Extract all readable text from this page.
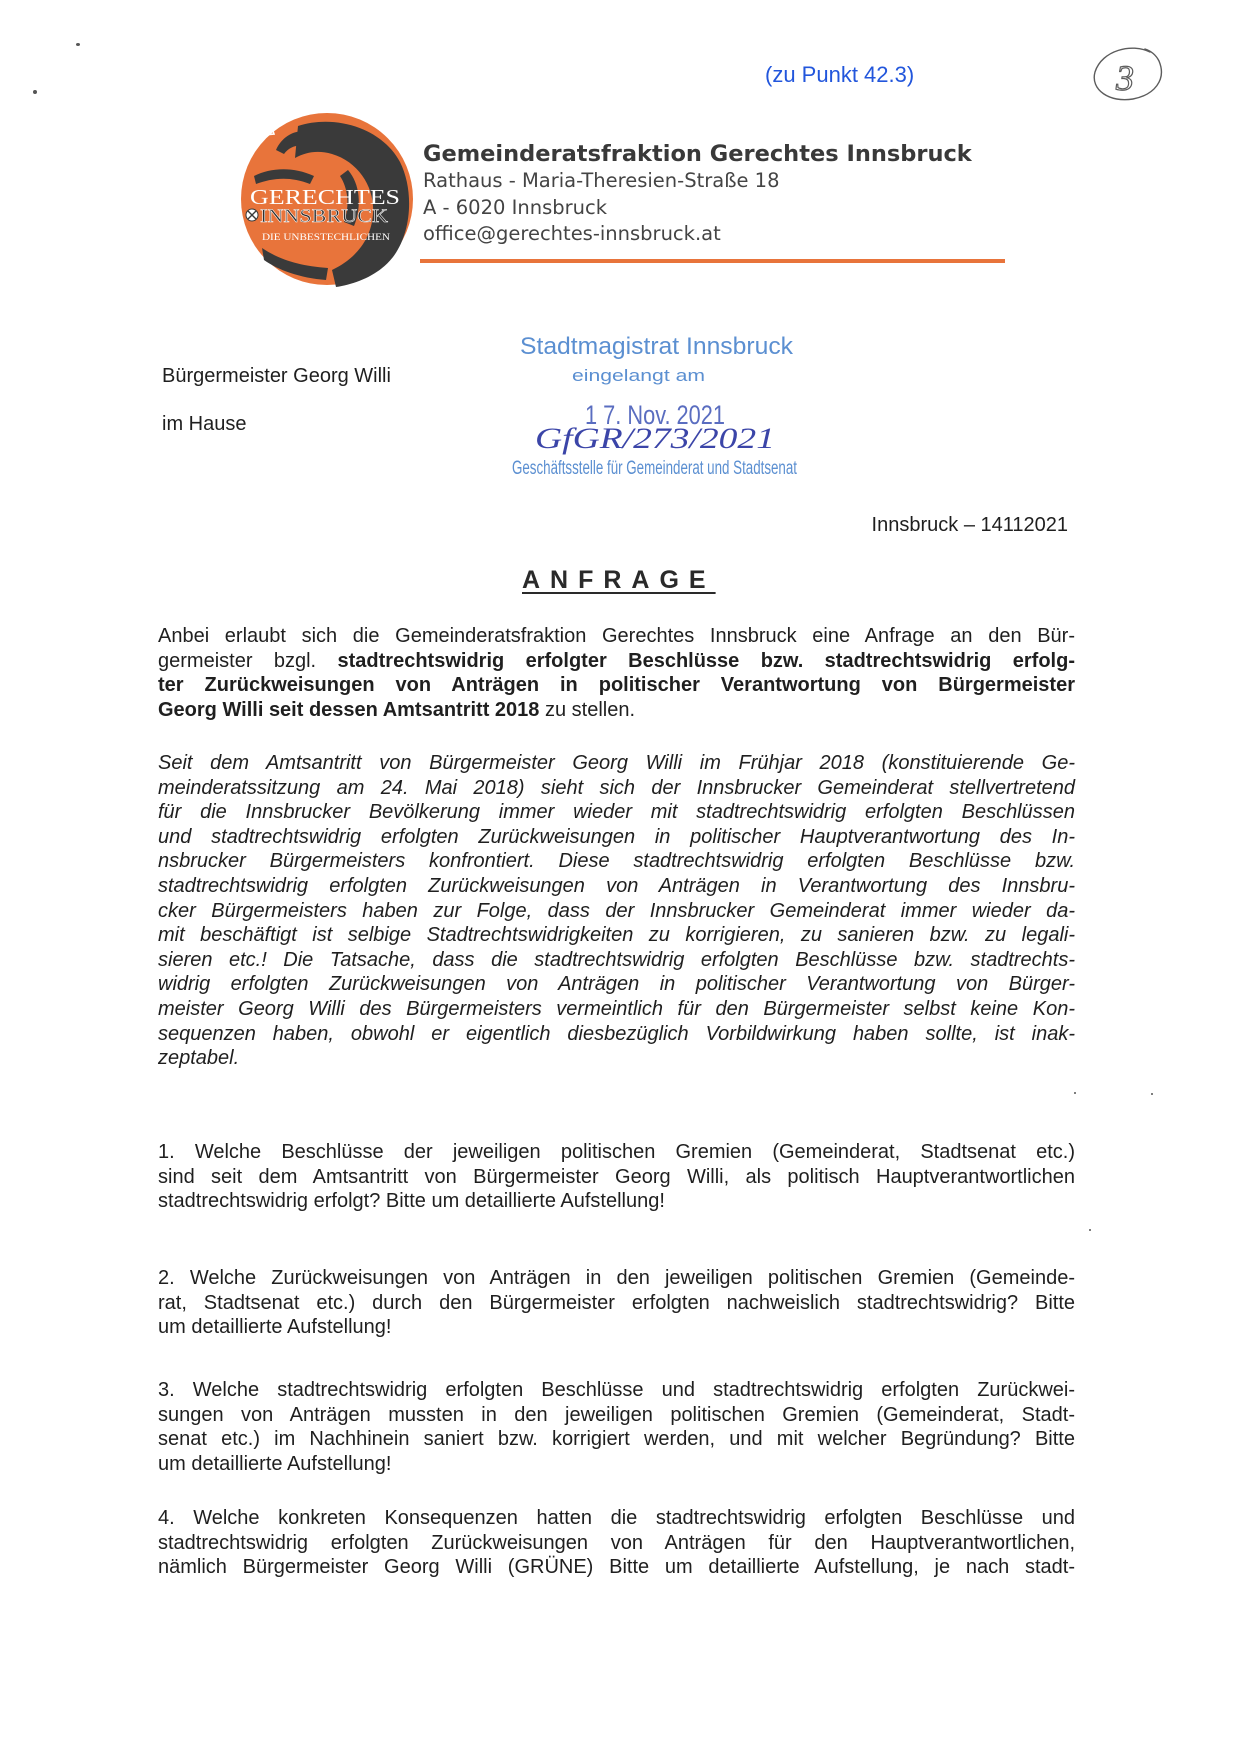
(zu Punkt 42.3)	3
GERECHTES
INNSBRUCK
DIE UNBESTECHLICHEN
Gemeinderatsfraktion Gerechtes Innsbruck
Rathaus - Maria-Theresien-Straße 18
A - 6020 Innsbruck
office@gerechtes-innsbruck.at
Stadtmagistrat Innsbruck
eingelangt am
1 7. Nov. 2021
GfGR/273/2021
Geschäftsstelle für Gemeinderat und Stadtsenat
Bürgermeister Georg Willi
im Hause
Innsbruck – 14112021
ANFRAGE
Anbei erlaubt sich die Gemeinderatsfraktion Gerechtes Innsbruck eine Anfrage an den Bür-
germeister bzgl. stadtrechtswidrig erfolgter Beschlüsse bzw. stadtrechtswidrig erfolg-
ter Zurückweisungen von Anträgen in politischer Verantwortung von Bürgermeister
Georg Willi seit dessen Amtsantritt 2018 zu stellen.
Seit dem Amtsantritt von Bürgermeister Georg Willi im Frühjar 2018 (konstituierende Ge-
meinderatssitzung am 24. Mai 2018) sieht sich der Innsbrucker Gemeinderat stellvertretend
für die Innsbrucker Bevölkerung immer wieder mit stadtrechtswidrig erfolgten Beschlüssen
und stadtrechtswidrig erfolgten Zurückweisungen in politischer Hauptverantwortung des In-
nsbrucker Bürgermeisters konfrontiert. Diese stadtrechtswidrig erfolgten Beschlüsse bzw.
stadtrechtswidrig erfolgten Zurückweisungen von Anträgen in Verantwortung des Innsbru-
cker Bürgermeisters haben zur Folge, dass der Innsbrucker Gemeinderat immer wieder da-
mit beschäftigt ist selbige Stadtrechtswidrigkeiten zu korrigieren, zu sanieren bzw. zu legali-
sieren etc.! Die Tatsache, dass die stadtrechtswidrig erfolgten Beschlüsse bzw. stadtrechts-
widrig erfolgten Zurückweisungen von Anträgen in politischer Verantwortung von Bürger-
meister Georg Willi des Bürgermeisters vermeintlich für den Bürgermeister selbst keine Kon-
sequenzen haben, obwohl er eigentlich diesbezüglich Vorbildwirkung haben sollte, ist inak-
zeptabel.
1. Welche Beschlüsse der jeweiligen politischen Gremien (Gemeinderat, Stadtsenat etc.)
sind seit dem Amtsantritt von Bürgermeister Georg Willi, als politisch Hauptverantwortlichen
stadtrechtswidrig erfolgt? Bitte um detaillierte Aufstellung!
2. Welche Zurückweisungen von Anträgen in den jeweiligen politischen Gremien (Gemeinde-
rat, Stadtsenat etc.) durch den Bürgermeister erfolgten nachweislich stadtrechtswidrig? Bitte
um detaillierte Aufstellung!
3. Welche stadtrechtswidrig erfolgten Beschlüsse und stadtrechtswidrig erfolgten Zurückwei-
sungen von Anträgen mussten in den jeweiligen politischen Gremien (Gemeinderat, Stadt-
senat etc.) im Nachhinein saniert bzw. korrigiert werden, und mit welcher Begründung? Bitte
um detaillierte Aufstellung!
4. Welche konkreten Konsequenzen hatten die stadtrechtswidrig erfolgten Beschlüsse und
stadtrechtswidrig erfolgten Zurückweisungen von Anträgen für den Hauptverantwortlichen,
nämlich Bürgermeister Georg Willi (GRÜNE) Bitte um detaillierte Aufstellung, je nach stadt-
